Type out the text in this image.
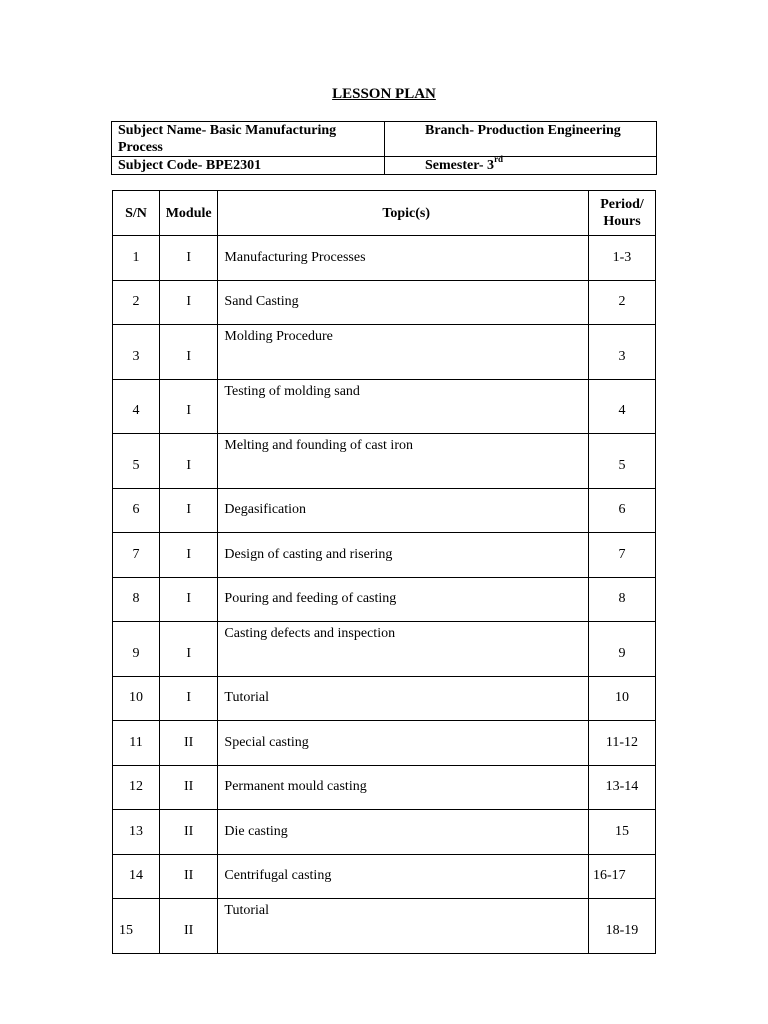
LESSON PLAN
Subject Name- Basic Manufacturing Process	Branch- Production Engineering
Subject Code- BPE2301	Semester- 3rd
S/N	Module	Topic(s)	Period/ Hours
1	I	Manufacturing Processes	1-3
2	I	Sand Casting	2
3	I	Molding Procedure	3
4	I	Testing of molding sand	4
5	I	Melting and founding of cast iron	5
6	I	Degasification	6
7	I	Design of casting and risering	7
8	I	Pouring and feeding of casting	8
9	I	Casting defects and inspection	9
10	I	Tutorial	10
11	II	Special casting	11-12
12	II	Permanent mould casting	13-14
13	II	Die casting	15
14	II	Centrifugal casting	16-17
15	II	Tutorial	18-19
